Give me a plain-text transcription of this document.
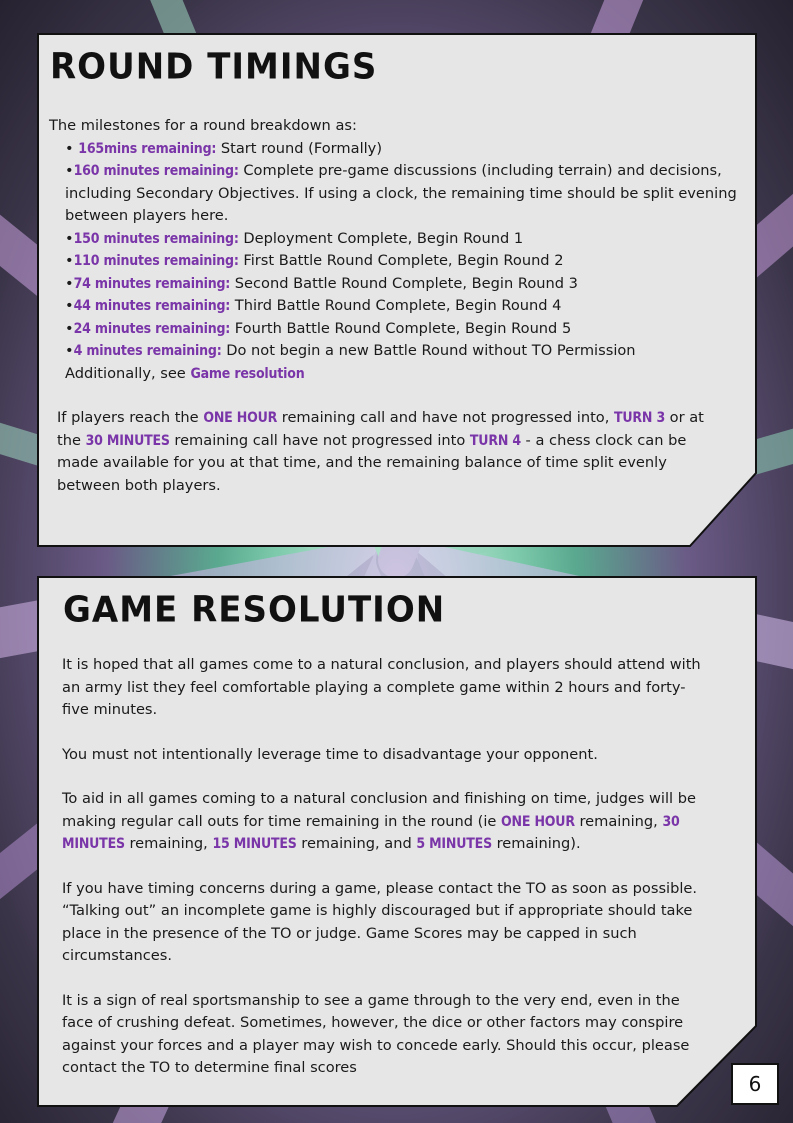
ROUND TIMINGS

The milestones for a round breakdown as:

• 165mins remaining: Start round (Formally)

•160 minutes remaining: Complete pre-game discussions (including terrain) and decisions, including Secondary Objectives. If using a clock, the remaining time should be split evening between players here.

•150 minutes remaining: Deployment Complete, Begin Round 1

•110 minutes remaining: First Battle Round Complete, Begin Round 2

•74 minutes remaining: Second Battle Round Complete, Begin Round 3

•44 minutes remaining: Third Battle Round Complete, Begin Round 4

•24 minutes remaining: Fourth Battle Round Complete, Begin Round 5

•4 minutes remaining: Do not begin a new Battle Round without TO Permission

Additionally, see Game resolution

If players reach the ONE HOUR remaining call and have not progressed into, TURN 3 or at the 30 MINUTES remaining call have not progressed into TURN 4 - a chess clock can be made available for you at that time, and the remaining balance of time split evenly between both players.

GAME RESOLUTION

It is hoped that all games come to a natural conclusion, and players should attend with an army list they feel comfortable playing a complete game within 2 hours and forty-five minutes.

You must not intentionally leverage time to disadvantage your opponent.

To aid in all games coming to a natural conclusion and finishing on time, judges will be making regular call outs for time remaining in the round (ie ONE HOUR remaining, 30 MINUTES remaining, 15 MINUTES remaining, and 5 MINUTES remaining).

If you have timing concerns during a game, please contact the TO as soon as possible. “Talking out” an incomplete game is highly discouraged but if appropriate should take place in the presence of the TO or judge. Game Scores may be capped in such circumstances.

It is a sign of real sportsmanship to see a game through to the very end, even in the face of crushing defeat. Sometimes, however, the dice or other factors may conspire against your forces and a player may wish to concede early. Should this occur, please contact the TO to determine final scores

6
